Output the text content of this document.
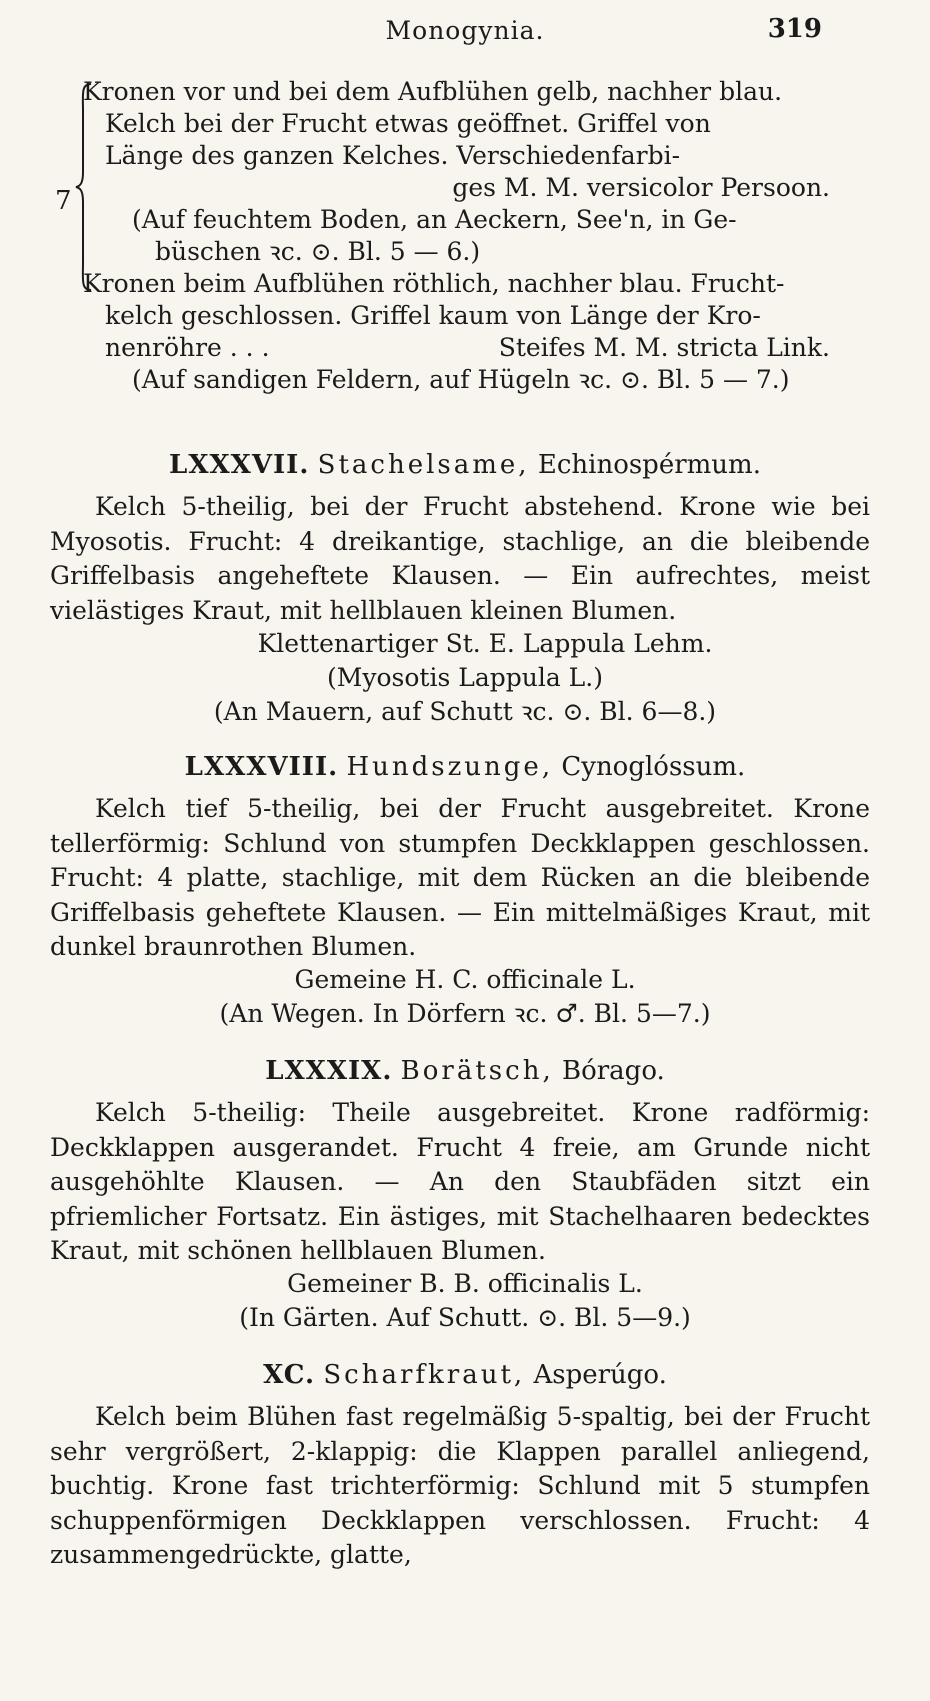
Monogynia.	319
7
Kronen vor und bei dem Aufblühen gelb, nachher blau.
Kelch bei der Frucht etwas geöffnet. Griffel von
Länge des ganzen Kelches. Verschiedenfarbi-
ges M. M. versicolor Persoon.
(Auf feuchtem Boden, an Aeckern, See'n, in Ge-
büschen ꝛc. ⊙. Bl. 5 — 6.)
Kronen beim Aufblühen röthlich, nachher blau. Frucht-
kelch geschlossen. Griffel kaum von Länge der Kro-
nenröhre . . .	Steifes M. M. stricta Link.
(Auf sandigen Feldern, auf Hügeln ꝛc. ⊙. Bl. 5 — 7.)
LXXXVII. Stachelsame, Echinospérmum.
Kelch 5-theilig, bei der Frucht abstehend. Krone wie bei Myosotis. Frucht: 4 dreikantige, stachlige, an die bleibende Griffelbasis angeheftete Klausen. — Ein aufrechtes, meist vielästiges Kraut, mit hellblauen kleinen Blumen.
Klettenartiger St. E. Lappula Lehm.
(Myosotis Lappula L.)
(An Mauern, auf Schutt ꝛc. ⊙. Bl. 6—8.)
LXXXVIII. Hundszunge, Cynoglóssum.
Kelch tief 5-theilig, bei der Frucht ausgebreitet. Krone tellerförmig: Schlund von stumpfen Deckklappen geschlossen. Frucht: 4 platte, stachlige, mit dem Rücken an die bleibende Griffelbasis geheftete Klausen. — Ein mittelmäßiges Kraut, mit dunkel braunrothen Blumen.
Gemeine H. C. officinale L.
(An Wegen. In Dörfern ꝛc. ♂. Bl. 5—7.)
LXXXIX. Borätsch, Bórago.
Kelch 5-theilig: Theile ausgebreitet. Krone radförmig: Deckklappen ausgerandet. Frucht 4 freie, am Grunde nicht ausgehöhlte Klausen. — An den Staubfäden sitzt ein pfriemlicher Fortsatz. Ein ästiges, mit Stachelhaaren bedecktes Kraut, mit schönen hellblauen Blumen.
Gemeiner B. B. officinalis L.
(In Gärten. Auf Schutt. ⊙. Bl. 5—9.)
XC. Scharfkraut, Asperúgo.
Kelch beim Blühen fast regelmäßig 5-spaltig, bei der Frucht sehr vergrößert, 2-klappig: die Klappen parallel anliegend, buchtig. Krone fast trichterförmig: Schlund mit 5 stumpfen schuppenförmigen Deckklappen verschlossen. Frucht: 4 zusammengedrückte, glatte,
